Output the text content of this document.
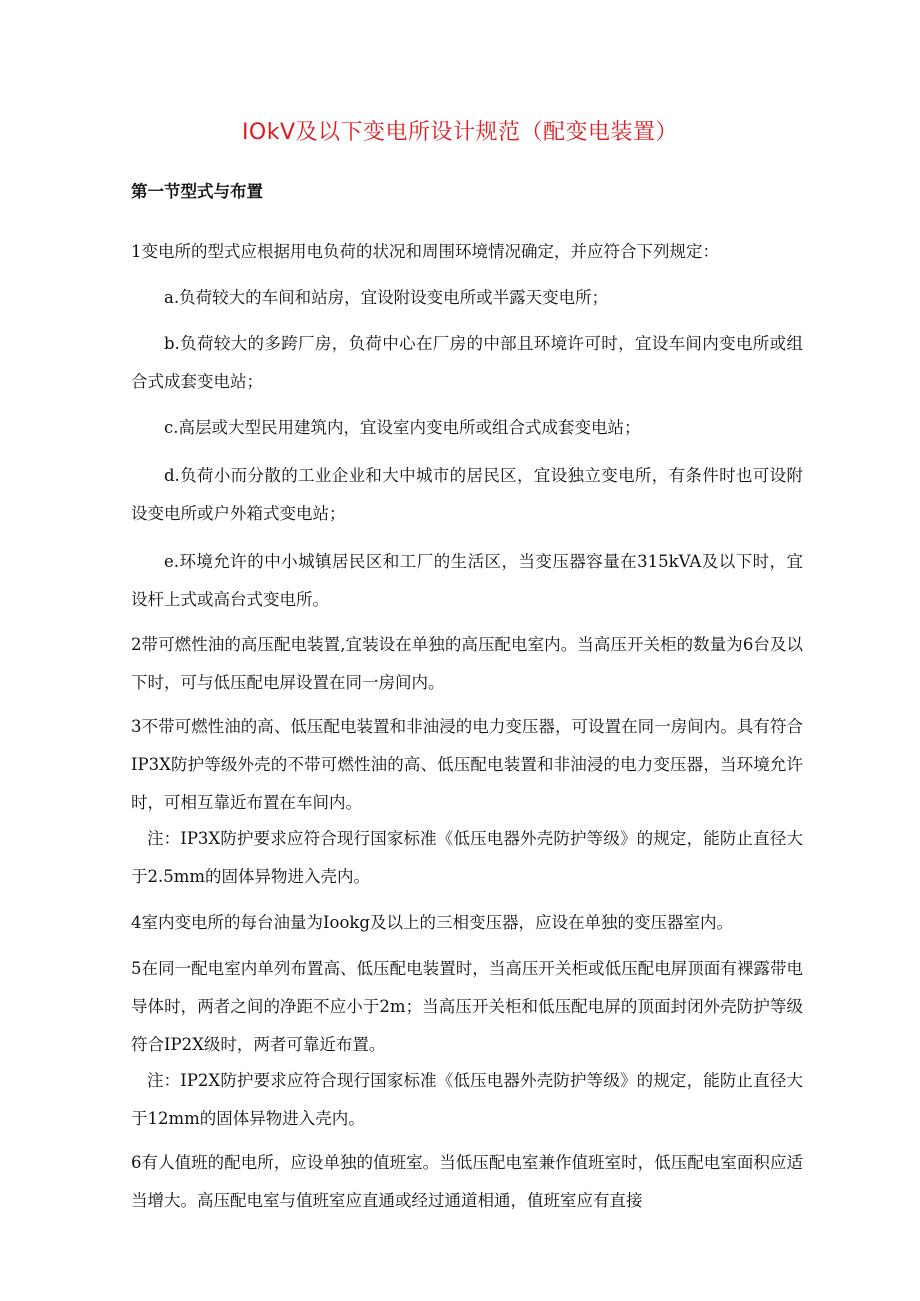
IOkV及以下变电所设计规范（配变电装置）
第一节型式与布置

1变电所的型式应根据用电负荷的状况和周围环境情况确定，并应符合下列规定：

a.负荷较大的车间和站房，宜设附设变电所或半露天变电所；

b.负荷较大的多跨厂房，负荷中心在厂房的中部且环境许可时，宜设车间内变电所或组合式成套变电站；

c.高层或大型民用建筑内，宜设室内变电所或组合式成套变电站；

d.负荷小而分散的工业企业和大中城市的居民区，宜设独立变电所，有条件时也可设附设变电所或户外箱式变电站；

e.环境允许的中小城镇居民区和工厂的生活区，当变压器容量在315kVA及以下时，宜设杆上式或高台式变电所。

2带可燃性油的高压配电装置,宜装设在单独的高压配电室内。当高压开关柜的数量为6台及以下时，可与低压配电屏设置在同一房间内。

3不带可燃性油的高、低压配电装置和非油浸的电力变压器，可设置在同一房间内。具有符合IP3X防护等级外壳的不带可燃性油的高、低压配电装置和非油浸的电力变压器，当环境允许时，可相互靠近布置在车间内。

注：IP3X防护要求应符合现行国家标准《低压电器外壳防护等级》的规定，能防止直径大于2.5mm的固体异物进入壳内。

4室内变电所的每台油量为Iookg及以上的三相变压器，应设在单独的变压器室内。

5在同一配电室内单列布置高、低压配电装置时，当高压开关柜或低压配电屏顶面有裸露带电导体时，两者之间的净距不应小于2m；当高压开关柜和低压配电屏的顶面封闭外壳防护等级符合IP2X级时，两者可靠近布置。

注：IP2X防护要求应符合现行国家标准《低压电器外壳防护等级》的规定，能防止直径大于12mm的固体异物进入壳内。

6有人值班的配电所，应设单独的值班室。当低压配电室兼作值班室时，低压配电室面积应适当增大。高压配电室与值班室应直通或经过通道相通，值班室应有直接
